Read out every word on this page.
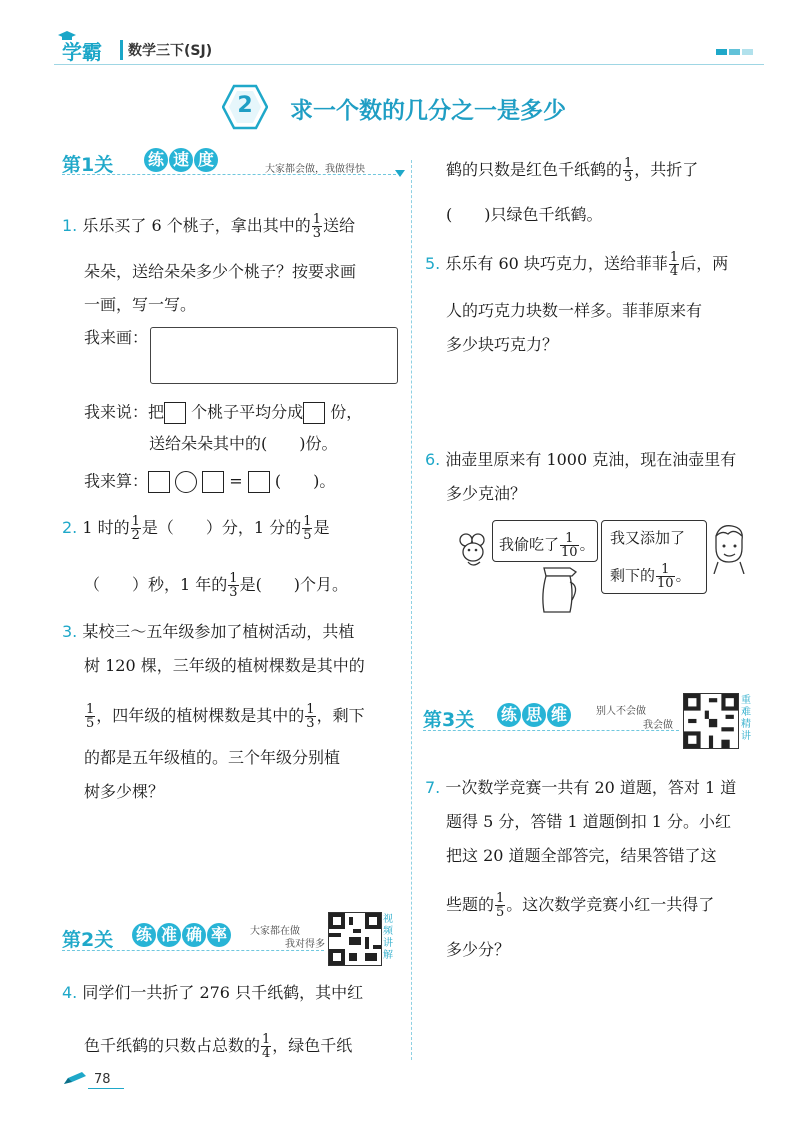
学霸 数学三下(SJ)
2	求一个数的几分之一是多少
第1关 练 速 度
大家都会做，我做得快
1. 乐乐买了 6 个桃子，拿出其中的 $\frac{1}{3}$ 送给
朵朵，送给朵朵多少个桃子？按要求画
一画，写一写。
我来画：
我来说：把 个桃子平均分成 份，
送给朵朵其中的(　　)份。
我来算：	= (　　)。
2. 1 时的 $\frac{1}{2}$ 是（　　）分，1 分的 $\frac{1}{5}$ 是
（　　）秒，1 年的 $\frac{1}{3}$ 是(　　)个月。
3. 某校三～五年级参加了植树活动，共植
树 120 棵，三年级的植树棵数是其中的
$\frac{1}{5}$ ，四年级的植树棵数是其中的 $\frac{1}{3}$ ，剩下
的都是五年级植的。三个年级分别植
树多少棵？
第2关 练 准 确 率	大家都在做
我对得多
视频讲解
4. 同学们一共折了 276 只千纸鹤，其中红
色千纸鹤的只数占总数的 $\frac{1}{4}$ ，绿色千纸
鹤的只数是红色千纸鹤的 $\frac{1}{3}$ ，共折了
(　　)只绿色千纸鹤。
5. 乐乐有 60 块巧克力，送给菲菲 $\frac{1}{4}$ 后，两
人的巧克力块数一样多。菲菲原来有
多少块巧克力？
6. 油壶里原来有 1000 克油，现在油壶里有
多少克油？
我偷吃了 $\frac{1}{10}$ 。 我又添加了
剩下的 $\frac{1}{10}$ 。
第3关 练 思 维	别人不会做
我会做
重难精讲
7. 一次数学竞赛一共有 20 道题，答对 1 道
题得 5 分，答错 1 道题倒扣 1 分。小红
把这 20 道题全部答完，结果答错了这
些题的 $\frac{1}{5}$ 。这次数学竞赛小红一共得了
多少分？
78
